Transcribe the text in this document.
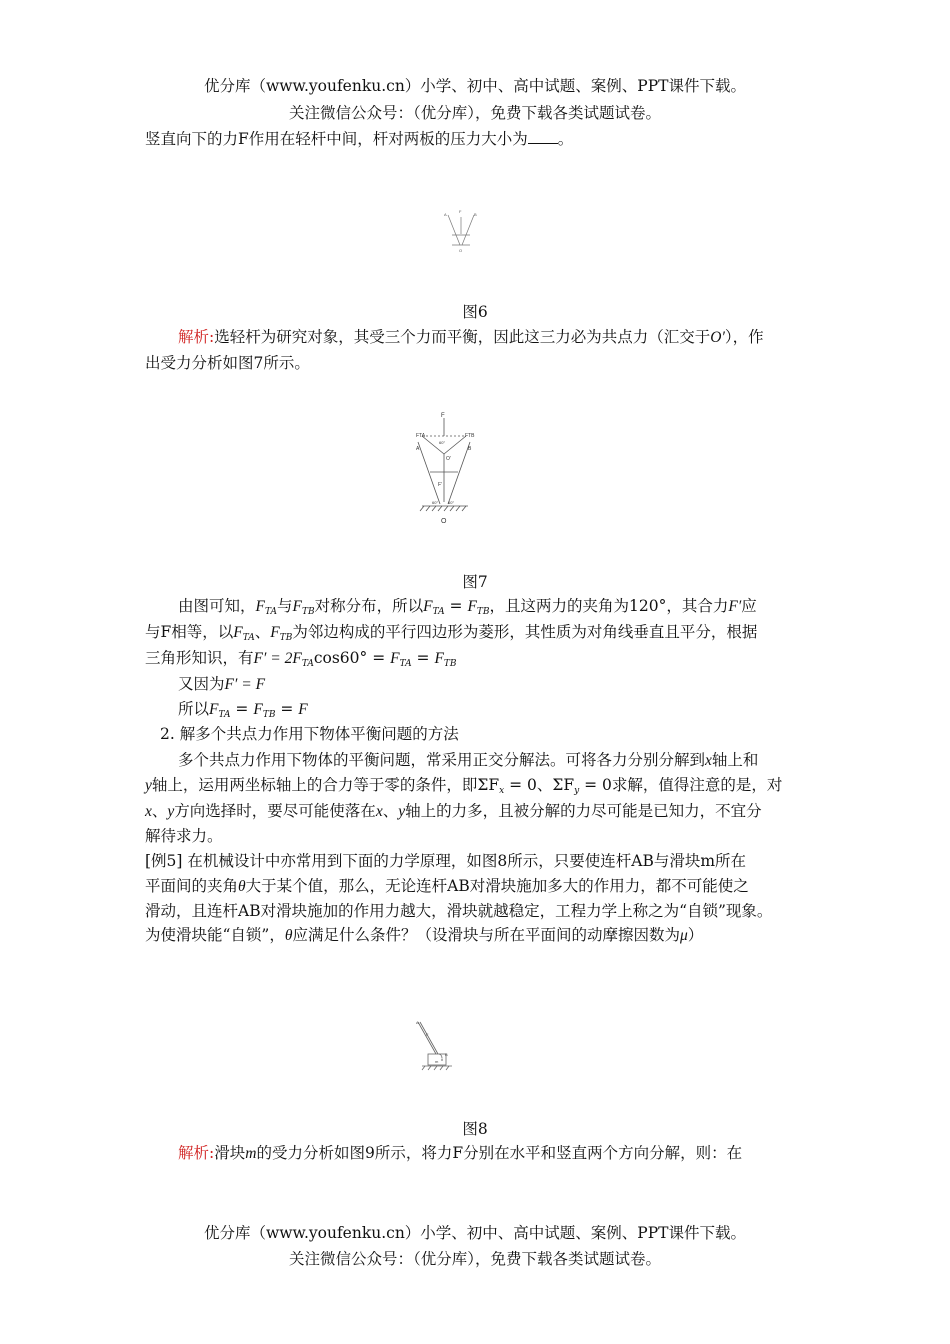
优分库（www.youfenku.cn）小学、初中、高中试题、案例、PPT课件下载。
关注微信公众号：（优分库），免费下载各类试题试卷。
竖直向下的力F作用在轻杆中间，杆对两板的压力大小为 。
A
F
B
O
图6
解析:选轻杆为研究对象，其受三个力而平衡，因此这三力必为共点力（汇交于O′），作
出受力分析如图7所示。
F
FTA	FTB
A	B
60°
O′
F′
60° 60°
O
图7
由图可知，$F_{TA}$与$F_{TB}$对称分布，所以$F_{TA} = F_{TB}$，且这两力的夹角为120°，其合力F′应
与F相等，以$F_{TA}$、$F_{TB}$为邻边构成的平行四边形为菱形，其性质为对角线垂直且平分，根据
三角形知识，有$F' = 2F_{TA}\cos 60^\circ = F_{TA} = F_{TB}$
又因为F′ = F
所以$F_{TA} = F_{TB} = F$
2. 解多个共点力作用下物体平衡问题的方法
多个共点力作用下物体的平衡问题，常采用正交分解法。可将各力分别分解到x轴上和
y轴上，运用两坐标轴上的合力等于零的条件，即$\Sigma F_x = 0$、$\Sigma F_y = 0$求解，值得注意的是，对
x、y方向选择时，要尽可能使落在x、y轴上的力多，且被分解的力尽可能是已知力，不宜分
解待求力。
[例5] 在机械设计中亦常用到下面的力学原理，如图8所示，只要使连杆AB与滑块m所在
平面间的夹角θ大于某个值，那么，无论连杆AB对滑块施加多大的作用力，都不可能使之
滑动，且连杆AB对滑块施加的作用力越大，滑块就越稳定，工程力学上称之为“自锁”现象。
为使滑块能“自锁”，θ应满足什么条件？（设滑块与所在平面间的动摩擦因数为μ）
A
F
B
θ
m
图8
解析:滑块m的受力分析如图9所示，将力F分别在水平和竖直两个方向分解，则：在
优分库（www.youfenku.cn）小学、初中、高中试题、案例、PPT课件下载。
关注微信公众号：（优分库），免费下载各类试题试卷。
